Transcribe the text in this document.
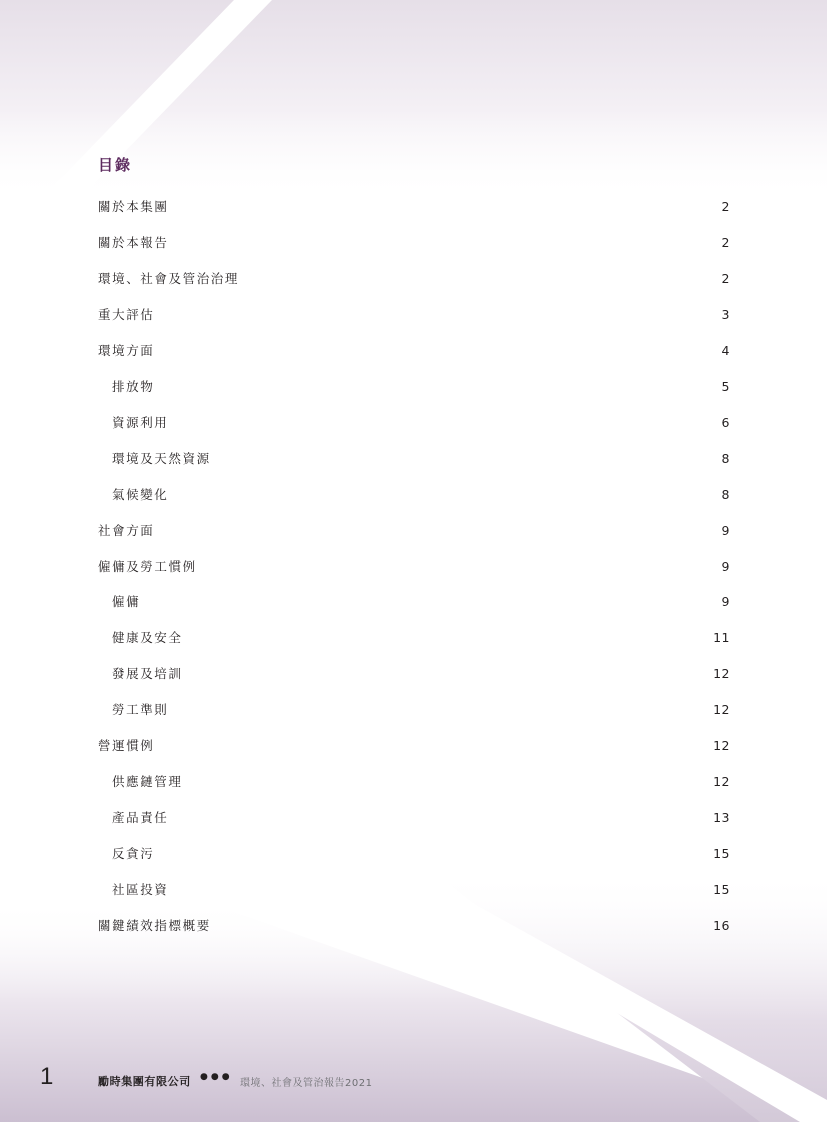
目錄
關於本集團	2
關於本報告	2
環境、社會及管治治理	2
重大評估	3
環境方面	4
排放物	5
資源利用	6
環境及天然資源	8
氣候變化	8
社會方面	9
僱傭及勞工慣例	9
僱傭	9
健康及安全	11
發展及培訓	12
勞工準則	12
營運慣例	12
供應鏈管理	12
產品責任	13
反貪污	15
社區投資	15
關鍵績效指標概要	16
1	勵時集團有限公司 ●●●
環境、社會及管治報告2021
